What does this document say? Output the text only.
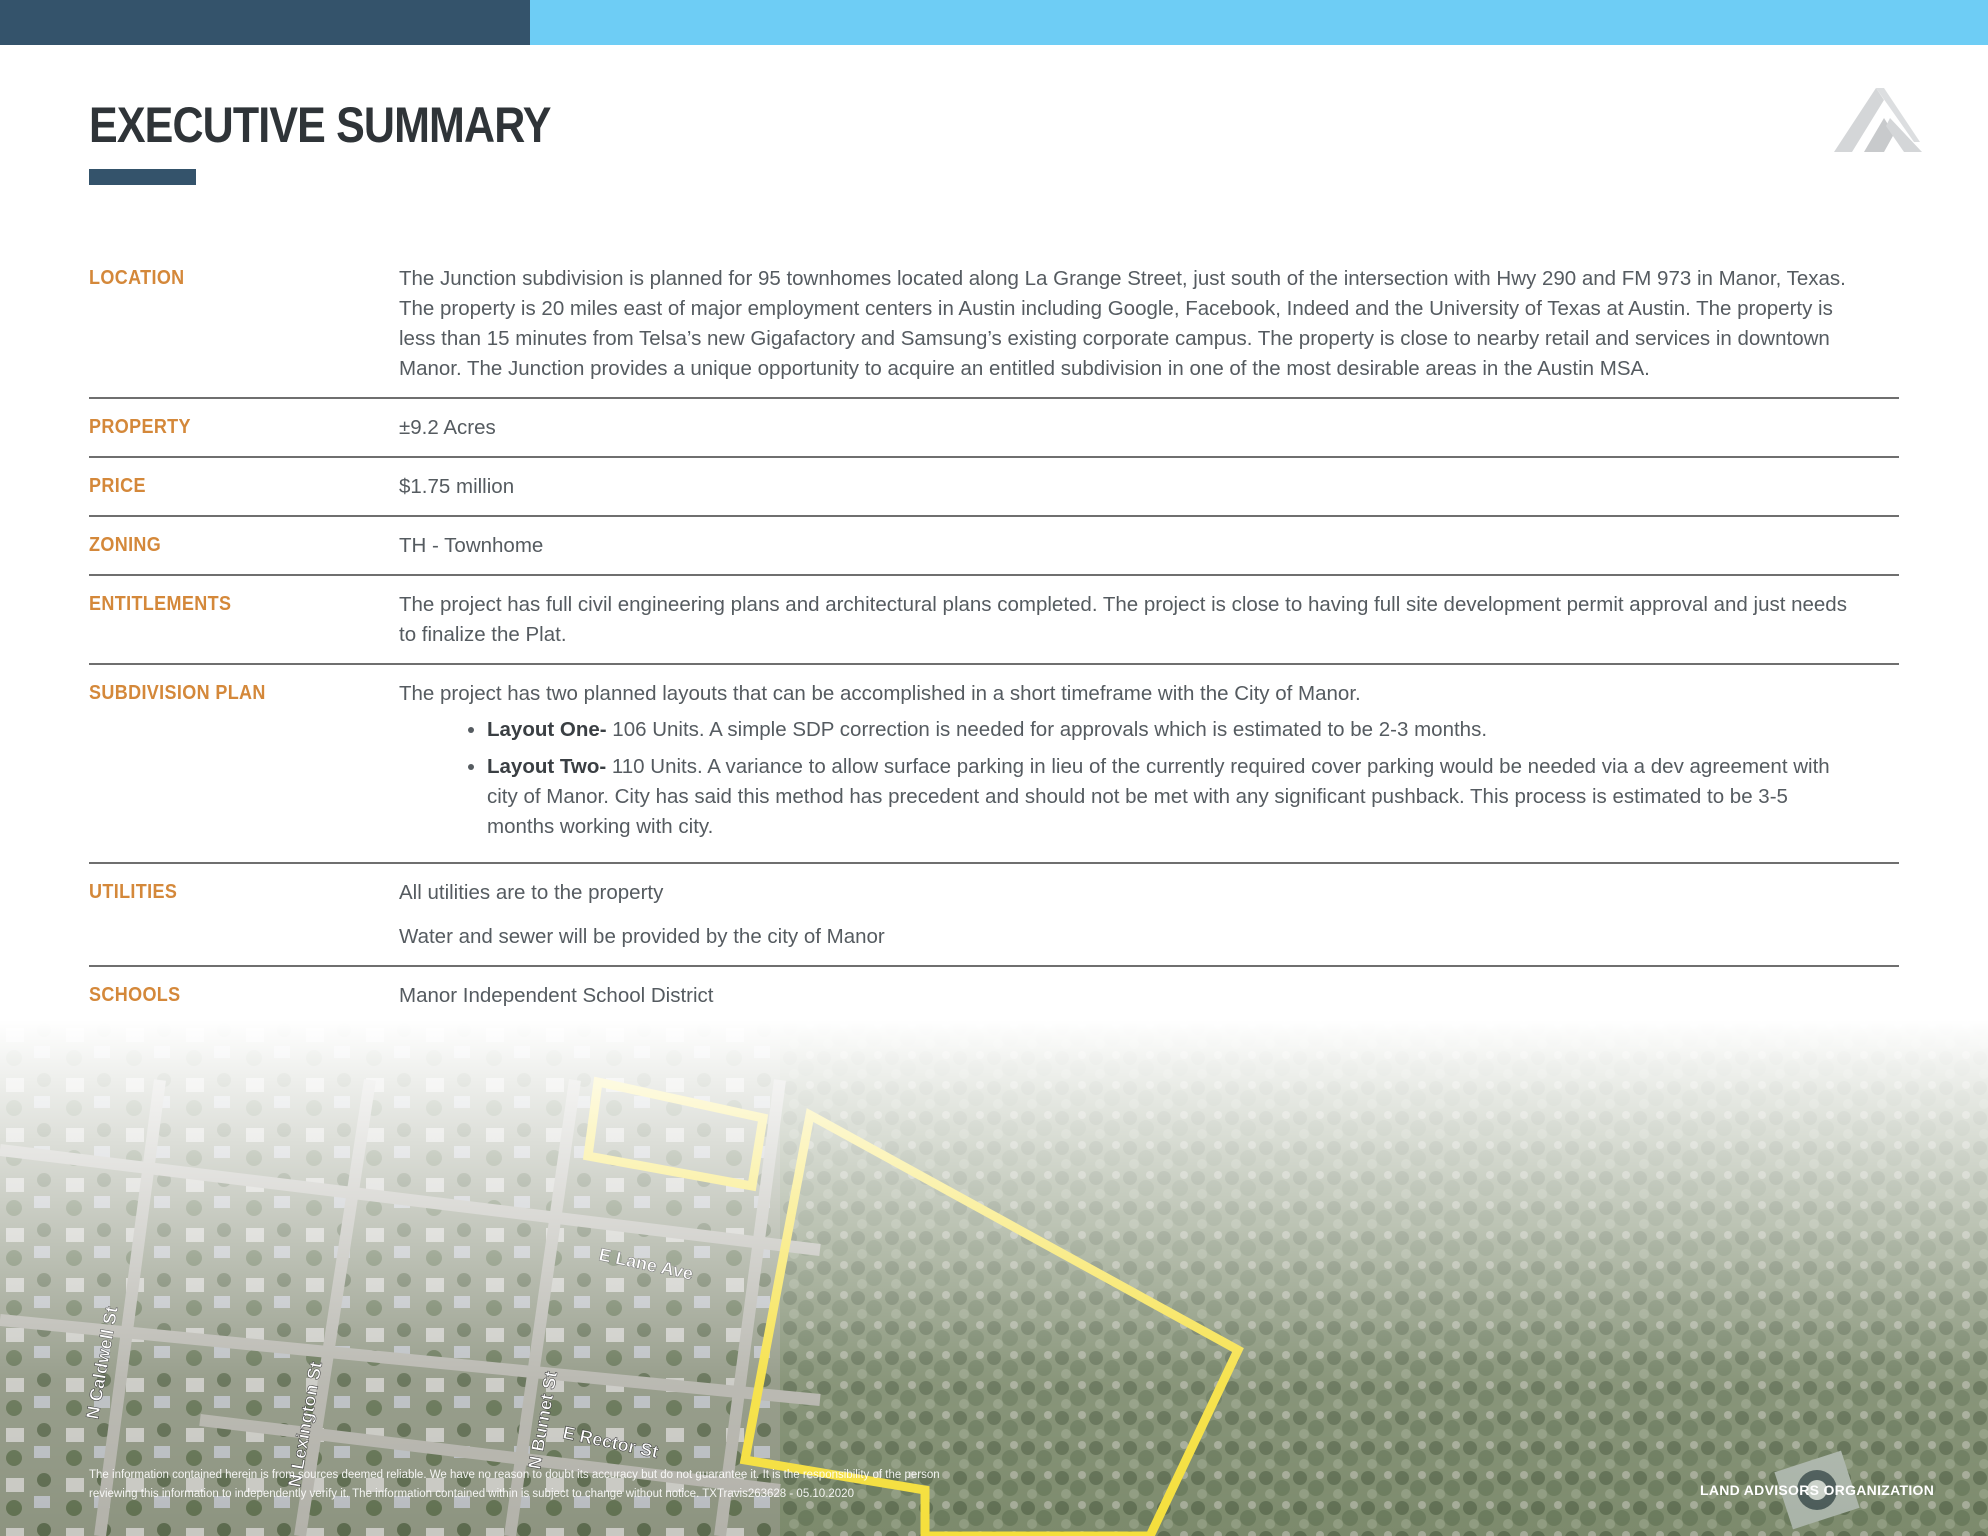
EXECUTIVE SUMMARY
LOCATION	The Junction subdivision is planned for 95 townhomes located along La Grange Street, just south of the intersection with Hwy 290 and FM 973 in Manor, Texas. The property is 20 miles east of major employment centers in Austin including Google, Facebook, Indeed and the University of Texas at Austin. The property is less than 15 minutes from Telsa’s new Gigafactory and Samsung’s existing corporate campus. The property is close to nearby retail and services in downtown Manor. The Junction provides a unique opportunity to acquire an entitled subdivision in one of the most desirable areas in the Austin MSA.

PROPERTY	±9.2 Acres

PRICE	$1.75 million

ZONING	TH - Townhome

ENTITLEMENTS	The project has full civil engineering plans and architectural plans completed. The project is close to having full site development permit approval and just needs to finalize the Plat.

SUBDIVISION PLAN	The project has two planned layouts that can be accomplished in a short timeframe with the City of Manor.

• Layout One- 106 Units. A simple SDP correction is needed for approvals which is estimated to be 2-3 months.
• Layout Two- 110 Units. A variance to allow surface parking in lieu of the currently required cover parking would be needed via a dev agreement with city of Manor. City has said this method has precedent and should not be met with any significant pushback. This process is estimated to be 3-5 months working with city.
UTILITIES	All utilities are to the property

Water and sewer will be provided by the city of Manor

SCHOOLS	Manor Independent School District

The information contained herein is from sources deemed reliable. We have no reason to doubt its accuracy but do not guarantee it. It is the responsibility of the person
reviewing this information to independently verify it. The information contained within is subject to change without notice. TXTravis263628 - 05.10.2020	LAND ADVISORS ORGANIZATION
